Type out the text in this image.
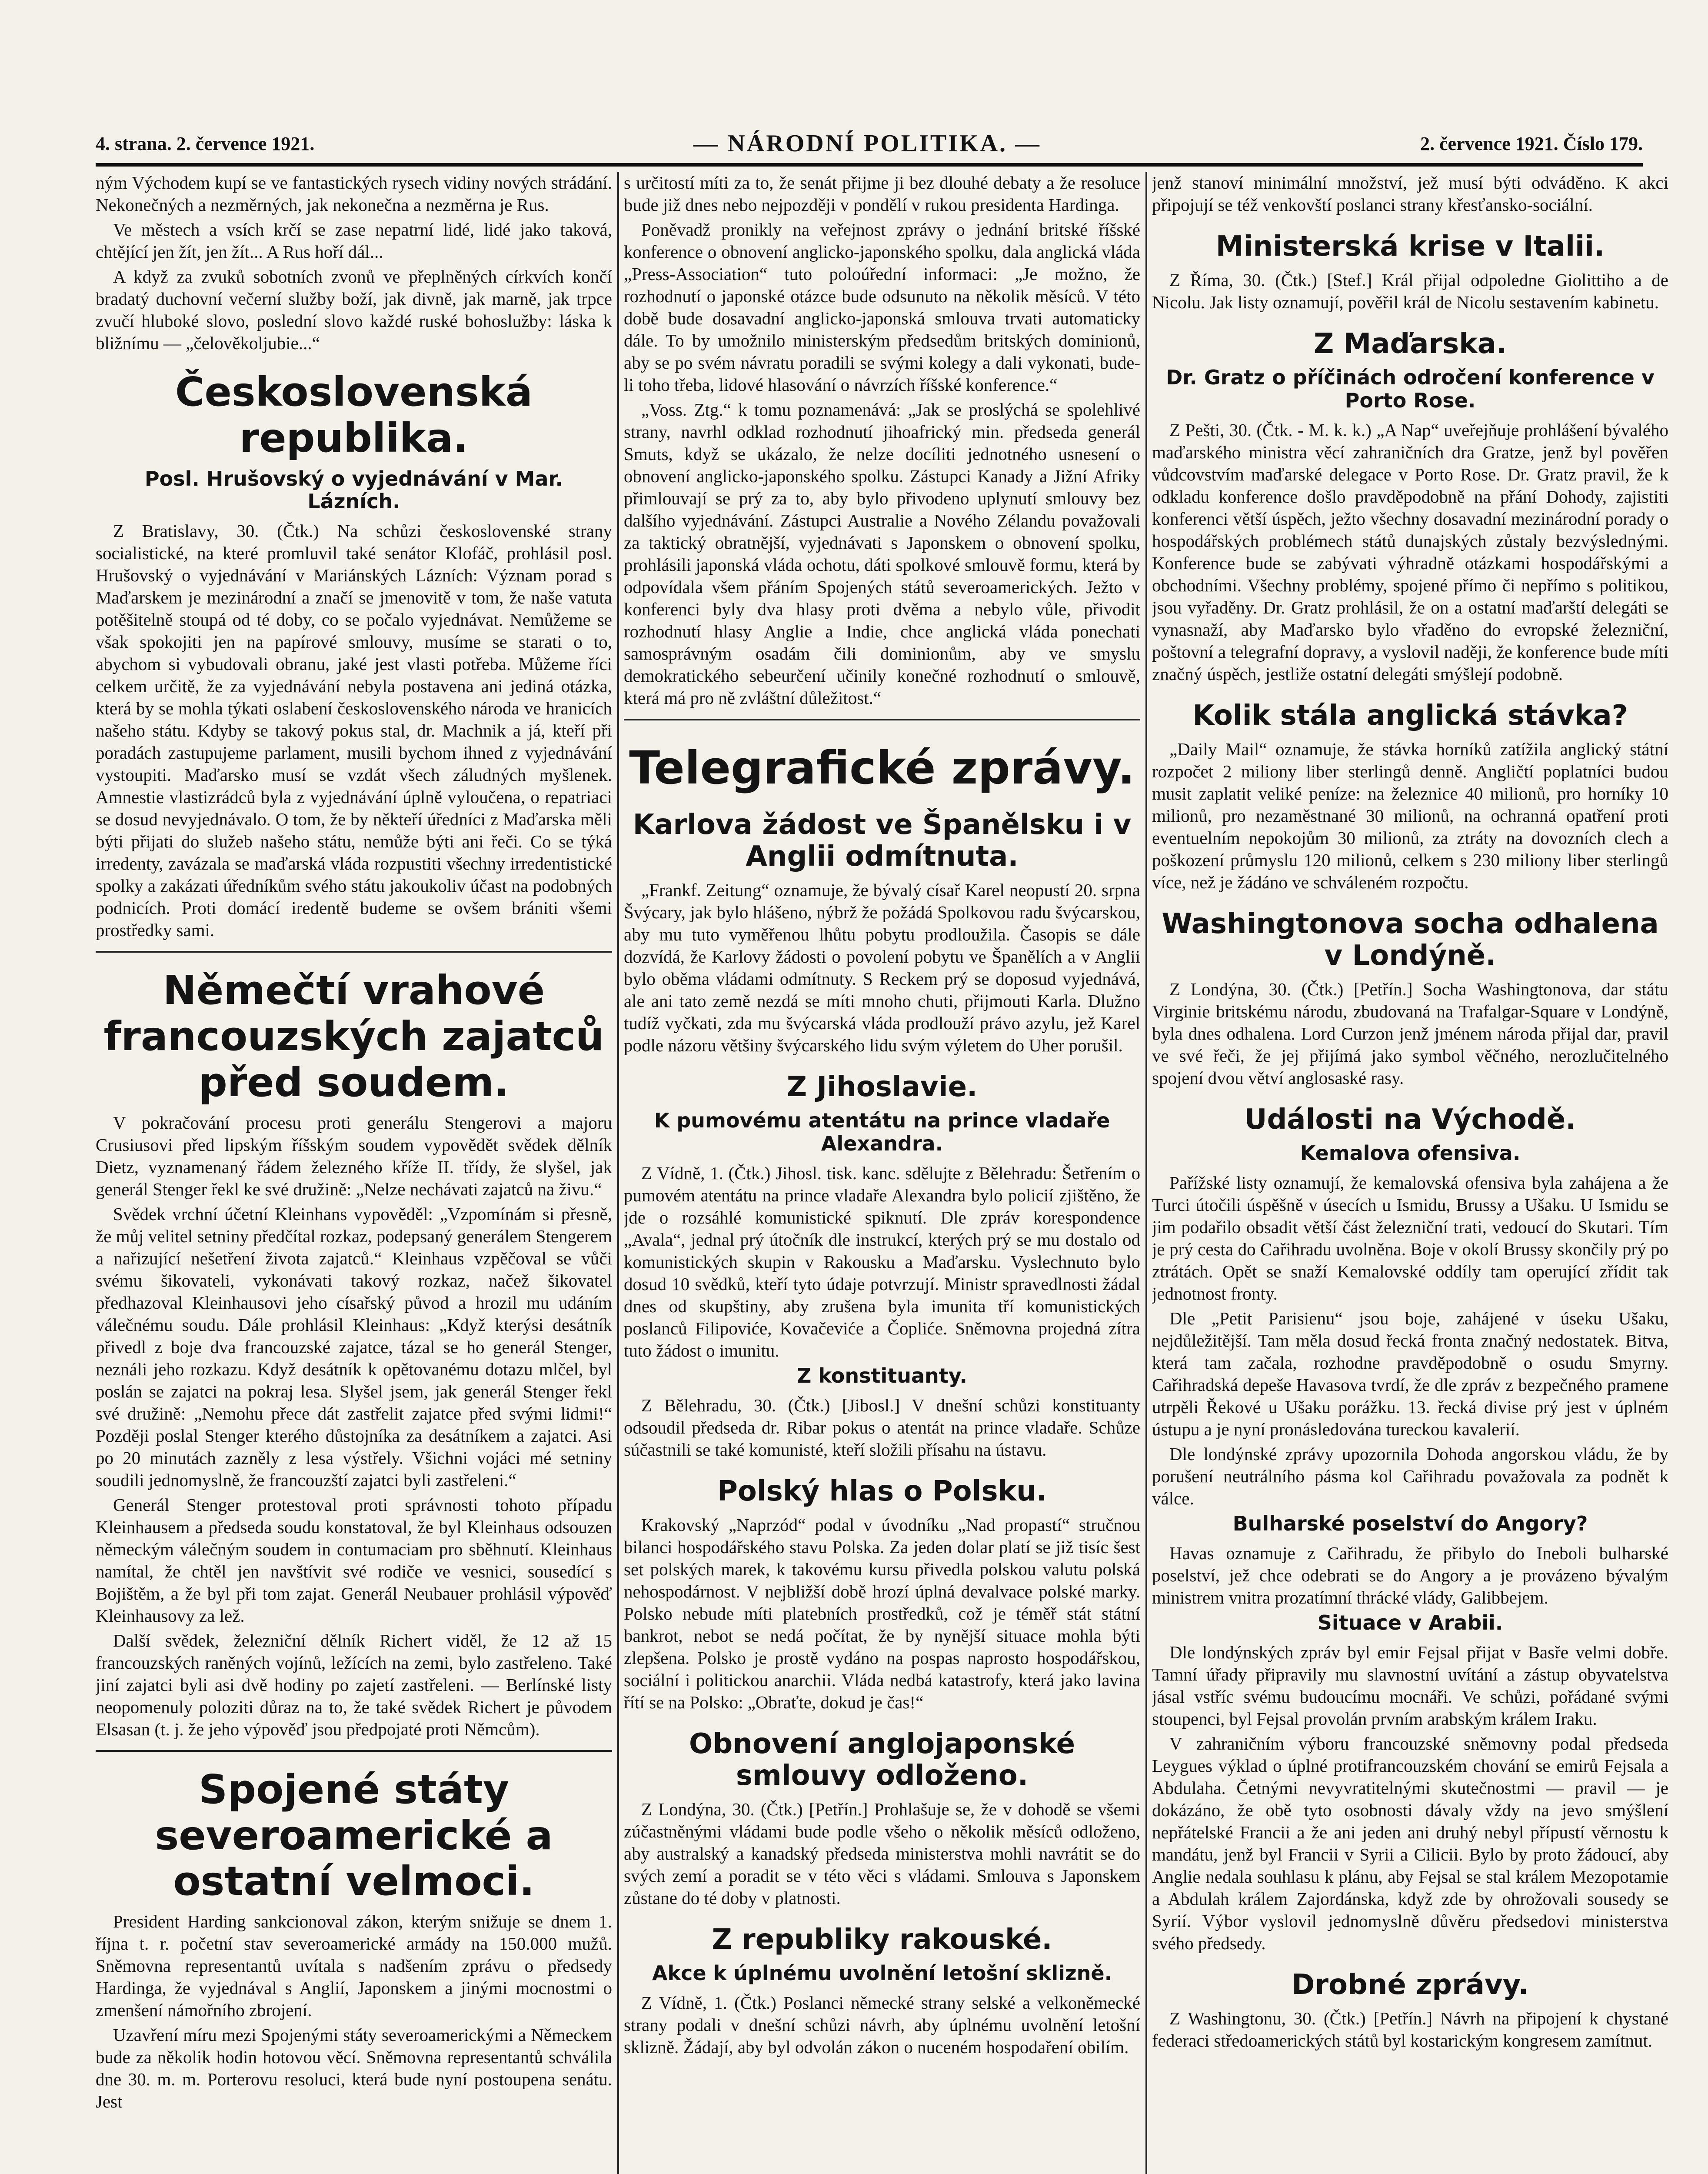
4. strana. 2. července 1921.	— NÁRODNÍ POLITIKA. —	2. července 1921. Číslo 179.

ným Východem kupí se ve fantastických rysech vidiny nových strádání. Nekonečných a nezměrných, jak nekonečna a nezměrna je Rus.

Ve městech a vsích krčí se zase nepatrní lidé, lidé jako taková, chtějící jen žít, jen žít... A Rus hoří dál...

A když za zvuků sobotních zvonů ve přeplněných církvích končí bradatý duchovní večerní služby boží, jak divně, jak marně, jak trpce zvučí hluboké slovo, poslední slovo každé ruské bohoslužby: láska k bližnímu — „čelověkoljubie...“

Československá republika.
Posl. Hrušovský o vyjednávání v Mar. Lázních.

Z Bratislavy, 30. (Čtk.) Na schůzi československé strany socialistické, na které promluvil také senátor Klofáč, prohlásil posl. Hrušovský o vyjednávání v Mariánských Lázních: Význam porad s Maďarskem je mezinárodní a značí se jmenovitě v tom, že naše vatuta potěšitelně stoupá od té doby, co se počalo vyjednávat. Nemůžeme se však spokojiti jen na papírové smlouvy, musíme se starati o to, abychom si vybudovali obranu, jaké jest vlasti potřeba. Můžeme říci celkem určitě, že za vyjednávání nebyla postavena ani jediná otázka, která by se mohla týkati oslabení československého národa ve hranicích našeho státu. Kdyby se takový pokus stal, dr. Machnik a já, kteří při poradách zastupujeme parlament, musili bychom ihned z vyjednávání vystoupiti. Maďarsko musí se vzdát všech záludných myšlenek. Amnestie vlastizrádců byla z vyjednávání úplně vyloučena, o repatriaci se dosud nevyjednávalo. O tom, že by někteří úředníci z Maďarska měli býti přijati do služeb našeho státu, nemůže býti ani řeči. Co se týká irredenty, zavázala se maďarská vláda rozpustiti všechny irredentistické spolky a zakázati úředníkům svého státu jakoukoliv účast na podobných podnicích. Proti domácí iredentě budeme se ovšem brániti všemi prostředky sami.

Němečtí vrahové francouzských zajatců před soudem.

V pokračování procesu proti generálu Stengerovi a majoru Crusiusovi před lipským říšským soudem vypovědět svědek dělník Dietz, vyznamenaný řádem železného kříže II. třídy, že slyšel, jak generál Stenger řekl ke své družině: „Nelze nechávati zajatců na živu.“

Svědek vrchní účetní Kleinhans vypověděl: „Vzpomínám si přesně, že můj velitel setniny předčítal rozkaz, podepsaný generálem Stengerem a nařizující nešetření života zajatců.“ Kleinhaus vzpěčoval se vůči svému šikovateli, vykonávati takový rozkaz, načež šikovatel předhazoval Kleinhausovi jeho císařský původ a hrozil mu udáním válečnému soudu. Dále prohlásil Kleinhaus: „Když kterýsi desátník přivedl z boje dva francouzské zajatce, tázal se ho generál Stenger, neználi jeho rozkazu. Když desátník k opětovanému dotazu mlčel, byl poslán se zajatci na pokraj lesa. Slyšel jsem, jak generál Stenger řekl své družině: „Nemohu přece dát zastřelit zajatce před svými lidmi!“ Později poslal Stenger kterého důstojníka za desátníkem a zajatci. Asi po 20 minutách zazněly z lesa výstřely. Všichni vojáci mé setniny soudili jednomyslně, že francouzští zajatci byli zastřeleni.“

Generál Stenger protestoval proti správnosti tohoto případu Kleinhausem a předseda soudu konstatoval, že byl Kleinhaus odsouzen německým válečným soudem in contumaciam pro sběhnutí. Kleinhaus namítal, že chtěl jen navštívit své rodiče ve vesnici, sousedící s Bojištěm, a že byl při tom zajat. Generál Neubauer prohlásil výpověď Kleinhausovy za lež.

Další svědek, železniční dělník Richert viděl, že 12 až 15 francouzských raněných vojínů, ležících na zemi, bylo zastřeleno. Také jiní zajatci byli asi dvě hodiny po zajetí zastřeleni. — Berlínské listy neopomenuly poloziti důraz na to, že také svědek Richert je původem Elsasan (t. j. že jeho výpověď jsou předpojaté proti Němcům).

Spojené státy severoamerické a ostatní velmoci.

President Harding sankcionoval zákon, kterým snižuje se dnem 1. října t. r. početní stav severoamerické armády na 150.000 mužů. Sněmovna representantů uvítala s nadšením zprávu o předsedy Hardinga, že vyjednával s Anglií, Japonskem a jinými mocnostmi o zmenšení námořního zbrojení.

Uzavření míru mezi Spojenými státy severoamerickými a Německem bude za několik hodin hotovou věcí. Sněmovna representantů schválila dne 30. m. m. Porterovu resoluci, která bude nyní postoupena senátu. Jest

s určitostí míti za to, že senát přijme ji bez dlouhé debaty a že resoluce bude již dnes nebo nejpozději v pondělí v rukou presidenta Hardinga.

Poněvadž pronikly na veřejnost zprávy o jednání britské říšské konference o obnovení anglicko-japonského spolku, dala anglická vláda „Press-Association“ tuto poloúřední informaci: „Je možno, že rozhodnutí o japonské otázce bude odsunuto na několik měsíců. V této době bude dosavadní anglicko-japonská smlouva trvati automaticky dále. To by umožnilo ministerským předsedům britských dominionů, aby se po svém návratu poradili se svými kolegy a dali vykonati, bude-li toho třeba, lidové hlasování o návrzích říšské konference.“

„Voss. Ztg.“ k tomu poznamenává: „Jak se proslýchá se spolehlivé strany, navrhl odklad rozhodnutí jihoafrický min. předseda generál Smuts, když se ukázalo, že nelze docíliti jednotného usnesení o obnovení anglicko-japonského spolku. Zástupci Kanady a Jižní Afriky přimlouvají se prý za to, aby bylo přivodeno uplynutí smlouvy bez dalšího vyjednávání. Zástupci Australie a Nového Zélandu považovali za taktický obratnější, vyjednávati s Japonskem o obnovení spolku, prohlásili japonská vláda ochotu, dáti spolkové smlouvě formu, která by odpovídala všem přáním Spojených států severoamerických. Ježto v konferenci byly dva hlasy proti dvěma a nebylo vůle, přivodit rozhodnutí hlasy Anglie a Indie, chce anglická vláda ponechati samosprávným osadám čili dominionům, aby ve smyslu demokratického sebeurčení učinily konečné rozhodnutí o smlouvě, která má pro ně zvláštní důležitost.“

Telegrafické zprávy.
Karlova žádost ve Španělsku i v Anglii odmítnuta.

„Frankf. Zeitung“ oznamuje, že bývalý císař Karel neopustí 20. srpna Švýcary, jak bylo hlášeno, nýbrž že požádá Spolkovou radu švýcarskou, aby mu tuto vyměřenou lhůtu pobytu prodloužila. Časopis se dále dozvídá, že Karlovy žádosti o povolení pobytu ve Španělích a v Anglii bylo oběma vládami odmítnuty. S Reckem prý se doposud vyjednává, ale ani tato země nezdá se míti mnoho chuti, přijmouti Karla. Dlužno tudíž vyčkati, zda mu švýcarská vláda prodlouží právo azylu, jež Karel podle názoru většiny švýcarského lidu svým výletem do Uher porušil.

Z Jihoslavie.
K pumovému atentátu na prince vladaře Alexandra.

Z Vídně, 1. (Čtk.) Jihosl. tisk. kanc. sdělujte z Bělehradu: Šetřením o pumovém atentátu na prince vladaře Alexandra bylo policií zjištěno, že jde o rozsáhlé komunistické spiknutí. Dle zpráv korespondence „Avala“, jednal prý útočník dle instrukcí, kterých prý se mu dostalo od komunistických skupin v Rakousku a Maďarsku. Vyslechnuto bylo dosud 10 svědků, kteří tyto údaje potvrzují. Ministr spravedlnosti žádal dnes od skupštiny, aby zrušena byla imunita tří komunistických poslanců Filipoviće, Kovačeviće a Čopliće. Sněmovna projedná zítra tuto žádost o imunitu.

Z konstituanty.

Z Bělehradu, 30. (Čtk.) [Jibosl.] V dnešní schůzi konstituanty odsoudil předseda dr. Ribar pokus o atentát na prince vladaře. Schůze súčastnili se také komunisté, kteří složili přísahu na ústavu.

Polský hlas o Polsku.

Krakovský „Naprzód“ podal v úvodníku „Nad propastí“ stručnou bilanci hospodářského stavu Polska. Za jeden dolar platí se již tisíc šest set polských marek, k takovému kursu přivedla polskou valutu polská nehospodárnost. V nejbližší době hrozí úplná devalvace polské marky. Polsko nebude míti platebních prostředků, což je téměř stát státní bankrot, nebot se nedá počítat, že by nynější situace mohla býti zlepšena. Polsko je prostě vydáno na pospas naprosto hospodářskou, sociální i politickou anarchii. Vláda nedbá katastrofy, která jako lavina řítí se na Polsko: „Obraťte, dokud je čas!“

Obnovení anglojaponské smlouvy odloženo.

Z Londýna, 30. (Čtk.) [Petřín.] Prohlašuje se, že v dohodě se všemi zúčastněnými vládami bude podle všeho o několik měsíců odloženo, aby australský a kanadský předseda ministerstva mohli navrátit se do svých zemí a poradit se v této věci s vládami. Smlouva s Japonskem zůstane do té doby v platnosti.

Z republiky rakouské.
Akce k úplnému uvolnění letošní sklizně.

Z Vídně, 1. (Čtk.) Poslanci německé strany selské a velkoněmecké strany podali v dnešní schůzi návrh, aby úplnému uvolnění letošní sklizně. Žádají, aby byl odvolán zákon o nuceném hospodaření obilím.

jenž stanoví minimální množství, jež musí býti odváděno. K akci připojují se též venkovští poslanci strany křesťansko-sociální.

Ministerská krise v Italii.

Z Říma, 30. (Čtk.) [Stef.] Král přijal odpoledne Giolittiho a de Nicolu. Jak listy oznamují, pověřil král de Nicolu sestavením kabinetu.

Z Maďarska.
Dr. Gratz o příčinách odročení konference v Porto Rose.

Z Pešti, 30. (Čtk. - M. k. k.) „A Nap“ uveřejňuje prohlášení bývalého maďarského ministra věcí zahraničních dra Gratze, jenž byl pověřen vůdcovstvím maďarské delegace v Porto Rose. Dr. Gratz pravil, že k odkladu konference došlo pravděpodobně na přání Dohody, zajistiti konferenci větší úspěch, ježto všechny dosavadní mezinárodní porady o hospodářských problémech států dunajských zůstaly bezvýslednými. Konference bude se zabývati výhradně otázkami hospodářskými a obchodními. Všechny problémy, spojené přímo či nepřímo s politikou, jsou vyřaděny. Dr. Gratz prohlásil, že on a ostatní maďarští delegáti se vynasnaží, aby Maďarsko bylo vřaděno do evropské železniční, poštovní a telegrafní dopravy, a vyslovil naději, že konference bude míti značný úspěch, jestliže ostatní delegáti smýšlejí podobně.

Kolik stála anglická stávka?

„Daily Mail“ oznamuje, že stávka horníků zatížila anglický státní rozpočet 2 miliony liber sterlingů denně. Angličtí poplatníci budou musit zaplatit veliké peníze: na železnice 40 milionů, pro horníky 10 milionů, pro nezaměstnané 30 milionů, na ochranná opatření proti eventuelním nepokojům 30 milionů, za ztráty na dovozních clech a poškození průmyslu 120 milionů, celkem s 230 miliony liber sterlingů více, než je žádáno ve schváleném rozpočtu.

Washingtonova socha odhalena v Londýně.

Z Londýna, 30. (Čtk.) [Petřín.] Socha Washingtonova, dar státu Virginie britskému národu, zbudovaná na Trafalgar-Square v Londýně, byla dnes odhalena. Lord Curzon jenž jménem národa přijal dar, pravil ve své řeči, že jej přijímá jako symbol věčného, nerozlučitelného spojení dvou větví anglosaské rasy.

Události na Východě.
Kemalova ofensiva.

Pařížské listy oznamují, že kemalovská ofensiva byla zahájena a že Turci útočili úspěšně v úsecích u Ismidu, Brussy a Ušaku. U Ismidu se jim podařilo obsadit větší část železniční trati, vedoucí do Skutari. Tím je prý cesta do Cařihradu uvolněna. Boje v okolí Brussy skončily prý po ztrátách. Opět se snaží Kemalovské oddíly tam operující zřídit tak jednotnost fronty.

Dle „Petit Parisienu“ jsou boje, zahájené v úseku Ušaku, nejdůležitější. Tam měla dosud řecká fronta značný nedostatek. Bitva, která tam začala, rozhodne pravděpodobně o osudu Smyrny. Cařihradská depeše Havasova tvrdí, že dle zpráv z bezpečného pramene utrpěli Řekové u Ušaku porážku. 13. řecká divise prý jest v úplném ústupu a je nyní pronásledována tureckou kavalerií.

Dle londýnské zprávy upozornila Dohoda angorskou vládu, že by porušení neutrálního pásma kol Cařihradu považovala za podnět k válce.

Bulharské poselství do Angory?

Havas oznamuje z Cařihradu, že přibylo do Ineboli bulharské poselství, jež chce odebrati se do Angory a je provázeno bývalým ministrem vnitra prozatímní thrácké vlády, Galibbejem.

Situace v Arabii.

Dle londýnských zpráv byl emir Fejsal přijat v Basře velmi dobře. Tamní úřady připravily mu slavnostní uvítání a zástup obyvatelstva jásal vstříc svému budoucímu mocnáři. Ve schůzi, pořádané svými stoupenci, byl Fejsal provolán prvním arabským králem Iraku.

V zahraničním výboru francouzské sněmovny podal předseda Leygues výklad o úplné protifrancouzském chování se emirů Fejsala a Abdulaha. Četnými nevyvratitelnými skutečnostmi — pravil — je dokázáno, že obě tyto osobnosti dávaly vždy na jevo smýšlení nepřátelské Francii a že ani jeden ani druhý nebyl přípustí věrnostu k mandátu, jenž byl Francii v Syrii a Cilicii. Bylo by proto žádoucí, aby Anglie nedala souhlasu k plánu, aby Fejsal se stal králem Mezopotamie a Abdulah králem Zajordánska, když zde by ohrožovali sousedy se Syrií. Výbor vyslovil jednomyslně důvěru předsedovi ministerstva svého předsedy.

Drobné zprávy.

Z Washingtonu, 30. (Čtk.) [Petřín.] Návrh na připojení k chystané federaci středoamerických států byl kostarickým kongresem zamítnut.
